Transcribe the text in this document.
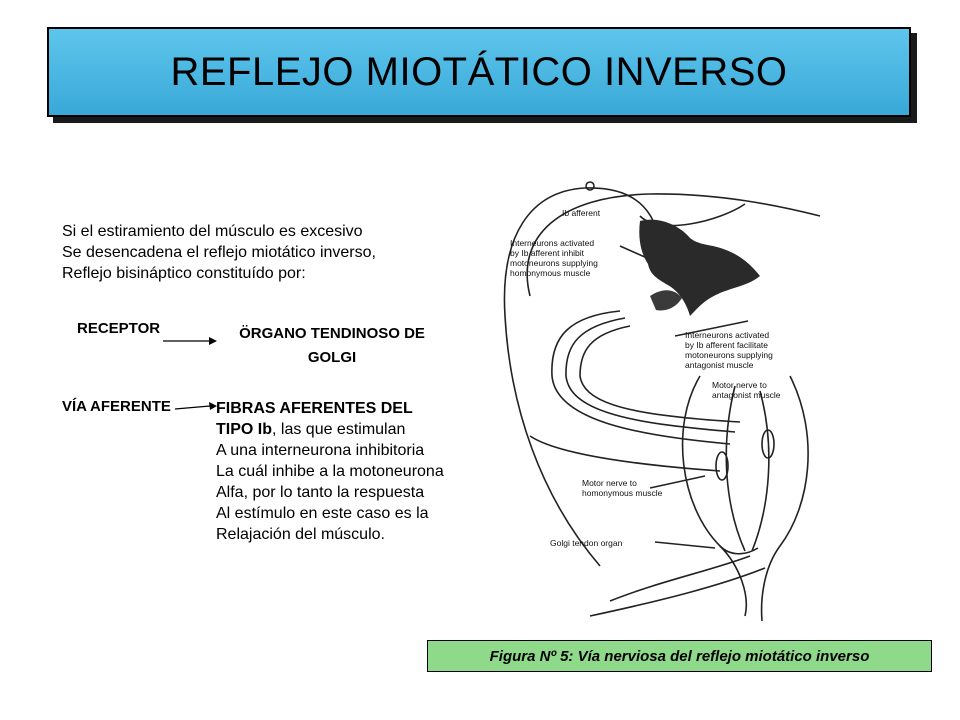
REFLEJO MIOTÁTICO INVERSO
Si el estiramiento del músculo es excesivo
Se desencadena el reflejo miotático inverso,
Reflejo bisináptico constituído por:
RECEPTOR	ÖRGANO TENDINOSO DE
GOLGI
VÍA AFERENTE	FIBRAS AFERENTES DEL
TIPO Ib, las que estimulan
A una interneurona inhibitoria
La cuál inhibe a la motoneurona
Alfa, por lo tanto la respuesta
Al estímulo en este caso es la
Relajación del músculo.
Ib afferent
Interneurons activated
by Ib afferent inhibit
motoneurons supplying
homonymous muscle
Interneurons activated
by Ib afferent facilitate
motoneurons supplying
antagonist muscle
Motor nerve to
antagonist muscle
Motor nerve to
homonymous muscle
Golgi tendon organ
Figura Nº 5: Vía nerviosa del reflejo miotático inverso
